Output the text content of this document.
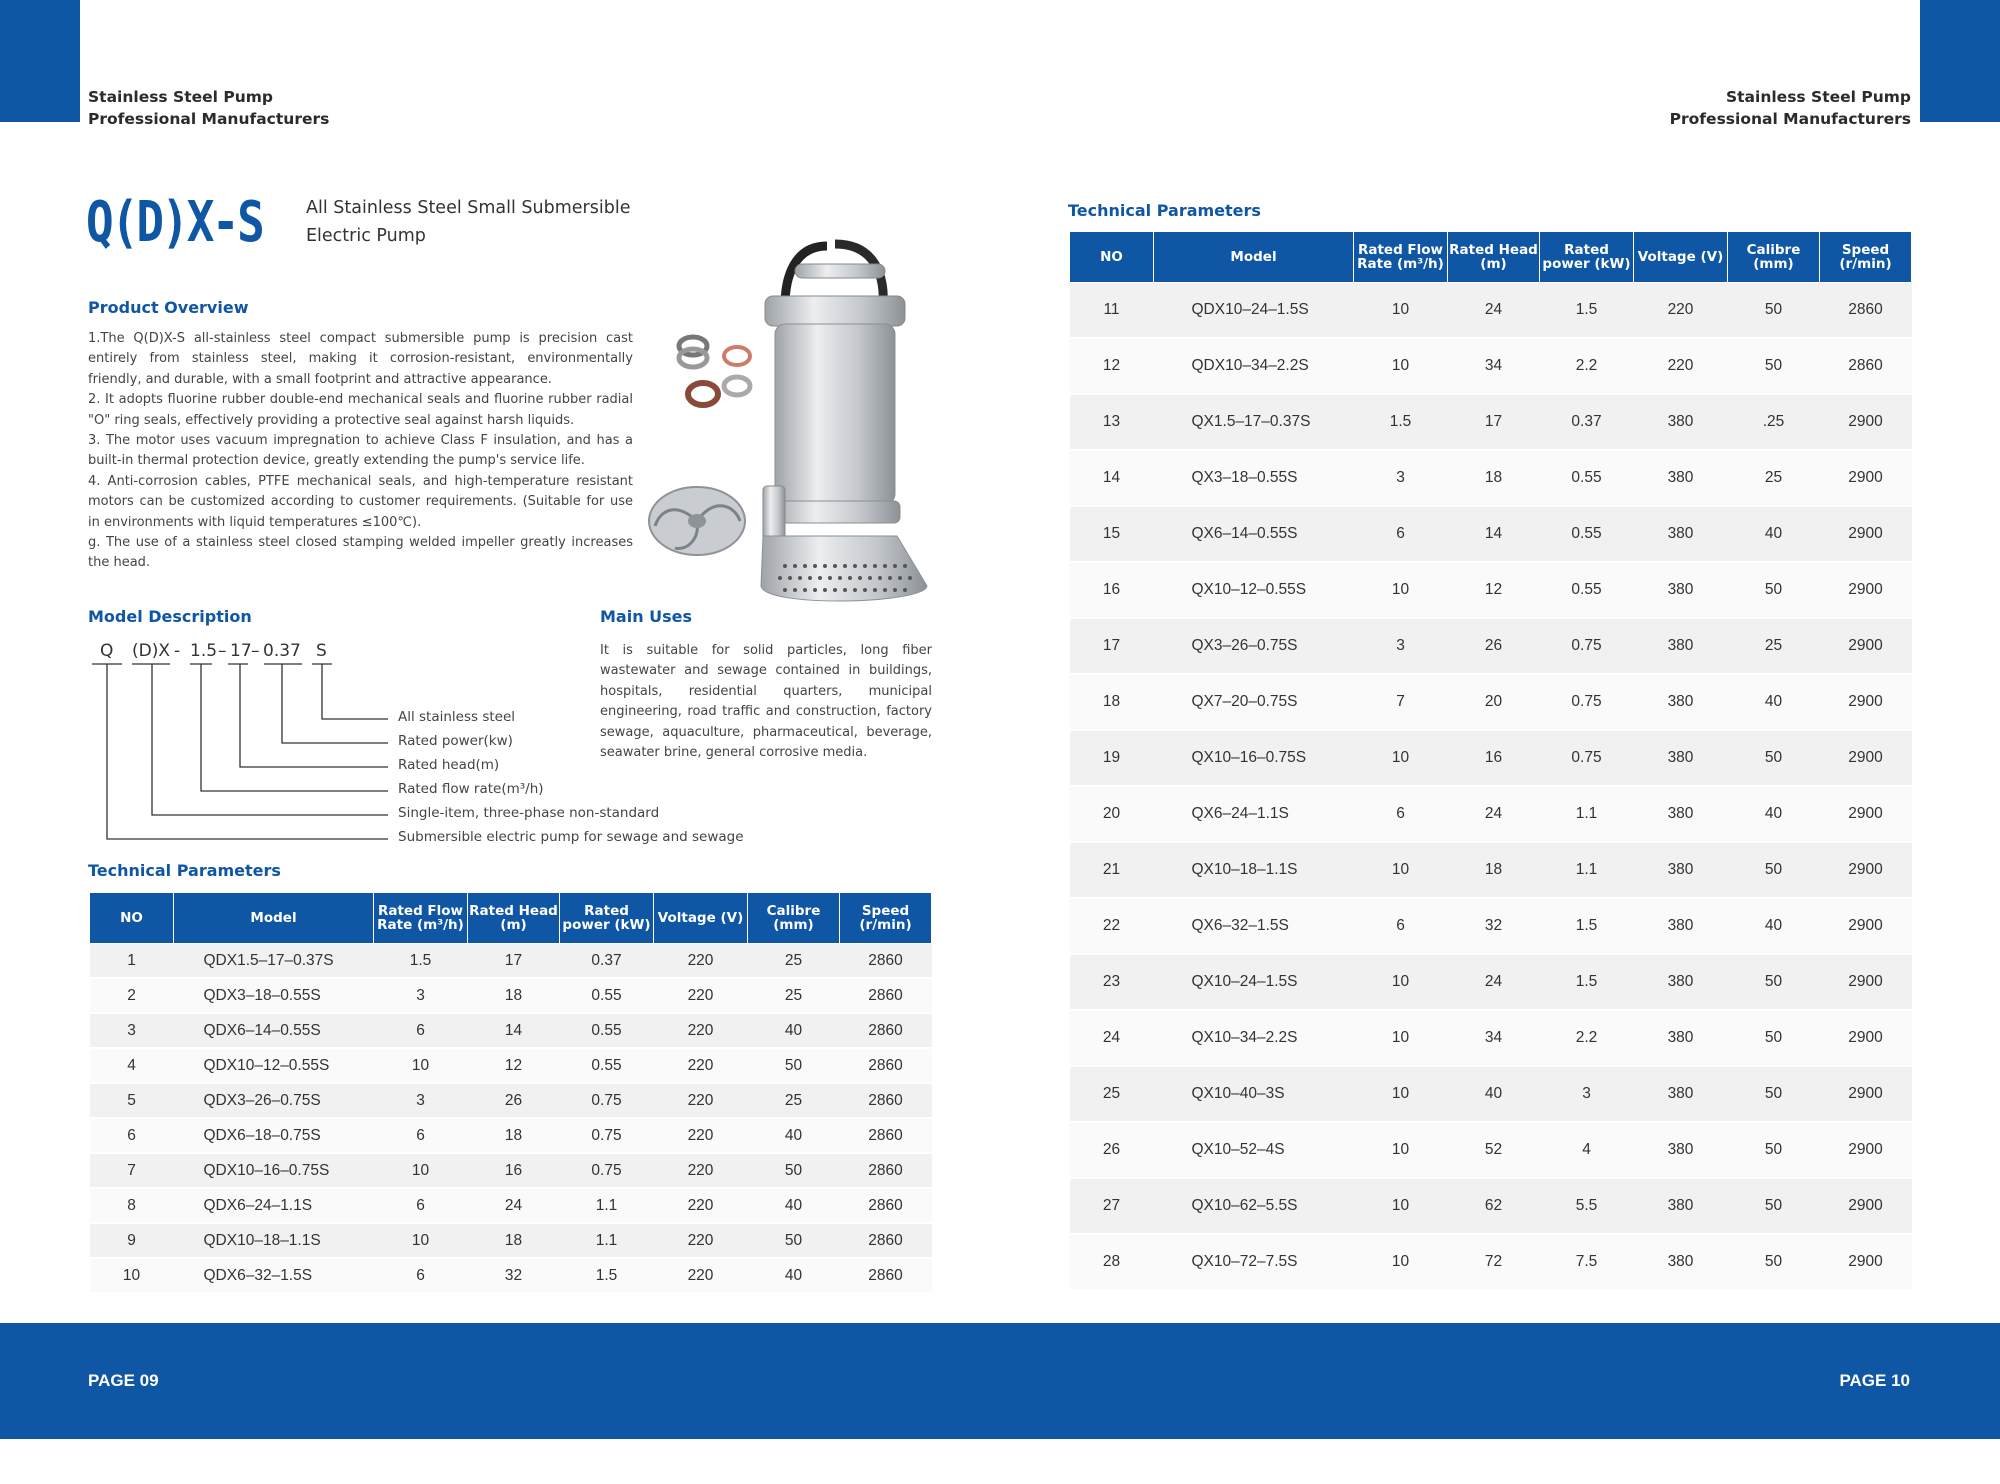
Stainless Steel Pump
Professional Manufacturers
Stainless Steel Pump
Professional Manufacturers
Q(D)X-S All Stainless Steel Small Submersible
Electric Pump
Product Overview

1.The Q(D)X-S all-stainless steel compact submersible pump is precision cast entirely from stainless steel, making it corrosion-resistant, environmentally friendly, and durable, with a small footprint and attractive appearance.

2. It adopts fluorine rubber double-end mechanical seals and fluorine rubber radial "O" ring seals, effectively providing a protective seal against harsh liquids.

3. The motor uses vacuum impregnation to achieve Class F insulation, and has a built-in thermal protection device, greatly extending the pump's service life.

4. Anti-corrosion cables, PTFE mechanical seals, and high-temperature resistant motors can be customized according to customer requirements. (Suitable for use in environments with liquid temperatures ≤100℃).

g. The use of a stainless steel closed stamping welded impeller greatly increases the head.

Model Description
Q (D)X - 1.5 – 17 – 0.37 S
All stainless steel
Rated power(kw)
Rated head(m)
Rated flow rate(m³/h)
Single-item, three-phase non-standard
Submersible electric pump for sewage and sewage
Main Uses

It is suitable for solid particles, long fiber wastewater and sewage contained in buildings, hospitals, residential quarters, municipal engineering, road traffic and construction, factory sewage, aquaculture, pharmaceutical, beverage, seawater brine, general corrosive media.

Technical Parameters
NO	Model	Rated Flow Rate (m³/h)	Rated Head (m)	Rated power (kW)	Voltage (V)	Calibre (mm)	Speed (r/min)
1	QDX1.5–17–0.37S	1.5	17	0.37	220	25	2860
2	QDX3–18–0.55S	3	18	0.55	220	25	2860
3	QDX6–14–0.55S	6	14	0.55	220	40	2860
4	QDX10–12–0.55S	10	12	0.55	220	50	2860
5	QDX3–26–0.75S	3	26	0.75	220	25	2860
6	QDX6–18–0.75S	6	18	0.75	220	40	2860
7	QDX10–16–0.75S	10	16	0.75	220	50	2860
8	QDX6–24–1.1S	6	24	1.1	220	40	2860
9	QDX10–18–1.1S	10	18	1.1	220	50	2860
10	QDX6–32–1.5S	6	32	1.5	220	40	2860
Technical Parameters
NO	Model	Rated Flow Rate (m³/h)	Rated Head (m)	Rated power (kW)	Voltage (V)	Calibre (mm)	Speed (r/min)
11	QDX10–24–1.5S	10	24	1.5	220	50	2860
12	QDX10–34–2.2S	10	34	2.2	220	50	2860
13	QX1.5–17–0.37S	1.5	17	0.37	380	.25	2900
14	QX3–18–0.55S	3	18	0.55	380	25	2900
15	QX6–14–0.55S	6	14	0.55	380	40	2900
16	QX10–12–0.55S	10	12	0.55	380	50	2900
17	QX3–26–0.75S	3	26	0.75	380	25	2900
18	QX7–20–0.75S	7	20	0.75	380	40	2900
19	QX10–16–0.75S	10	16	0.75	380	50	2900
20	QX6–24–1.1S	6	24	1.1	380	40	2900
21	QX10–18–1.1S	10	18	1.1	380	50	2900
22	QX6–32–1.5S	6	32	1.5	380	40	2900
23	QX10–24–1.5S	10	24	1.5	380	50	2900
24	QX10–34–2.2S	10	34	2.2	380	50	2900
25	QX10–40–3S	10	40	3	380	50	2900
26	QX10–52–4S	10	52	4	380	50	2900
27	QX10–62–5.5S	10	62	5.5	380	50	2900
28	QX10–72–7.5S	10	72	7.5	380	50	2900
PAGE 09	PAGE 10
